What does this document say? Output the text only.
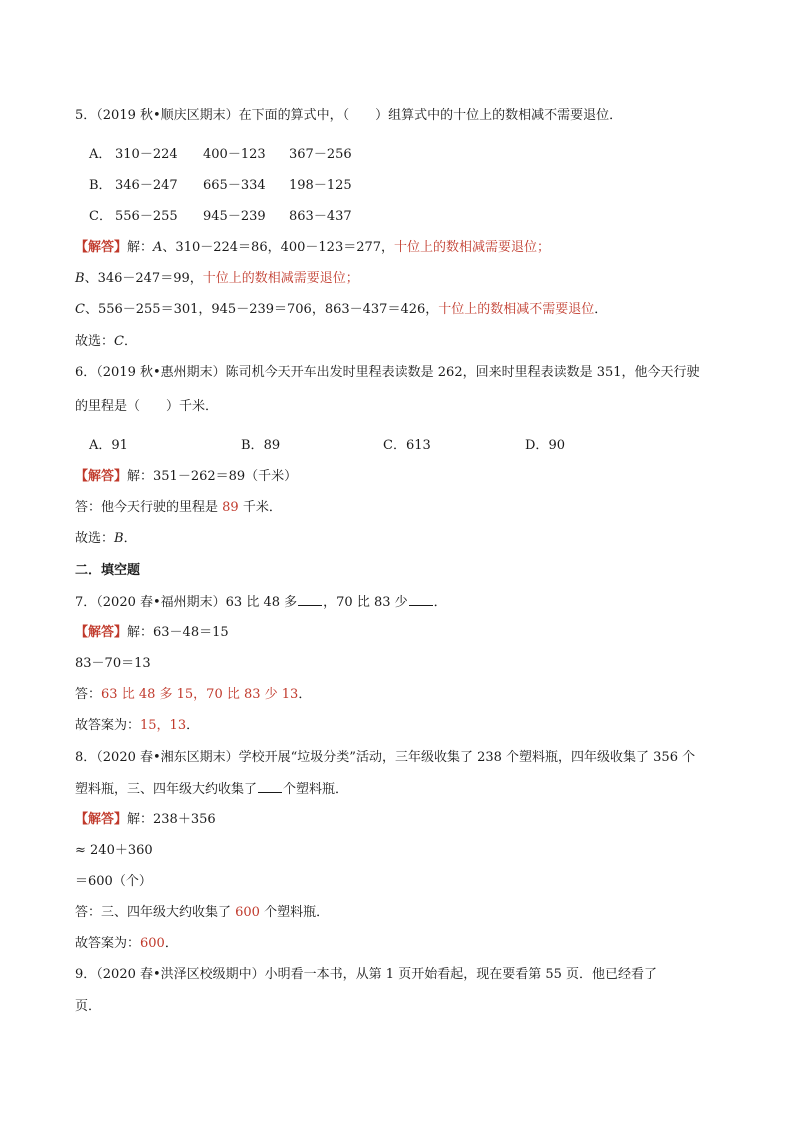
5．（2019 秋•顺庆区期末）在下面的算式中，（　　）组算式中的十位上的数相减不需要退位．
A． 310－224 400－123 367－256
B． 346－247 665－334 198－125
C． 556－255 945－239 863－437
【解答】解：A、310－224＝86，400－123＝277，十位上的数相减需要退位；
B、346－247＝99，十位上的数相减需要退位；
C、556－255＝301，945－239＝706，863－437＝426，十位上的数相减不需要退位．
故选：C．
6．（2019 秋•惠州期末）陈司机今天开车出发时里程表读数是 262，回来时里程表读数是 351，他今天行驶
的里程是（　　）千米．
A．91	B．89	C．613	D．90
【解答】解：351－262＝89（千米）
答：他今天行驶的里程是 89 千米．
故选：B．
二．填空题
7．（2020 春•福州期末）63 比 48 多 ，70 比 83 少 ．
【解答】解：63－48＝15
83－70＝13
答：63 比 48 多 15，70 比 83 少 13．
故答案为：15，13．
8．（2020 春•湘东区期末）学校开展“垃圾分类”活动，三年级收集了 238 个塑料瓶，四年级收集了 356 个
塑料瓶，三、四年级大约收集了 个塑料瓶．
【解答】解：238＋356
≈ 240＋360
＝600（个）
答：三、四年级大约收集了 600 个塑料瓶．
故答案为：600．
9．（2020 春•洪泽区校级期中）小明看一本书，从第 1 页开始看起，现在要看第 55 页．他已经看了
页．
